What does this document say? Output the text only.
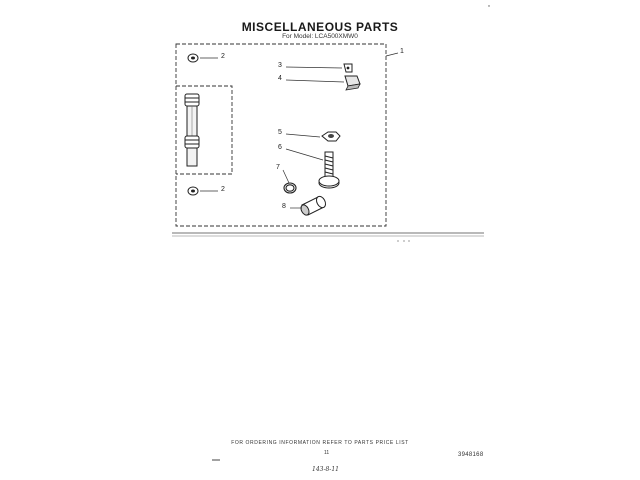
MISCELLANEOUS PARTS
For Model: LCA500XMW0
1
2
2
3
4
5
6
7
8
FOR ORDERING INFORMATION REFER TO PARTS PRICE LIST
11	3948168
143-8-11
